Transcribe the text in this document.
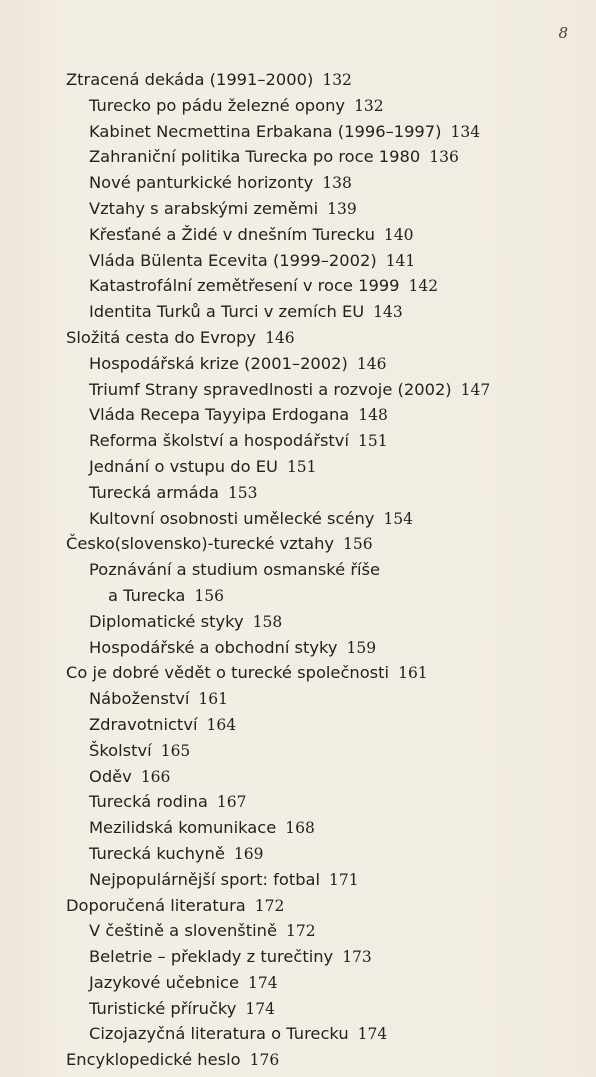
8
Ztracená dekáda (1991–2000) 132
Turecko po pádu železné opony 132
Kabinet Necmettina Erbakana (1996–1997) 134
Zahraniční politika Turecka po roce 1980 136
Nové panturkické horizonty 138
Vztahy s arabskými zeměmi 139
Křesťané a Židé v dnešním Turecku 140
Vláda Bülenta Ecevita (1999–2002) 141
Katastrofální zemětřesení v roce 1999 142
Identita Turků a Turci v zemích EU 143
Složitá cesta do Evropy 146
Hospodářská krize (2001–2002) 146
Triumf Strany spravedlnosti a rozvoje (2002) 147
Vláda Recepa Tayyipa Erdogana 148
Reforma školství a hospodářství 151
Jednání o vstupu do EU 151
Turecká armáda 153
Kultovní osobnosti umělecké scény 154
Česko(slovensko)-turecké vztahy 156
Poznávání a studium osmanské říše
a Turecka 156
Diplomatické styky 158
Hospodářské a obchodní styky 159
Co je dobré vědět o turecké společnosti 161
Náboženství 161
Zdravotnictví 164
Školství 165
Oděv 166
Turecká rodina 167
Mezilidská komunikace 168
Turecká kuchyně 169
Nejpopulárnější sport: fotbal 171
Doporučená literatura 172
V češtině a slovenštině 172
Beletrie – překlady z turečtiny 173
Jazykové učebnice 174
Turistické příručky 174
Cizojazyčná literatura o Turecku 174
Encyklopedické heslo 176
